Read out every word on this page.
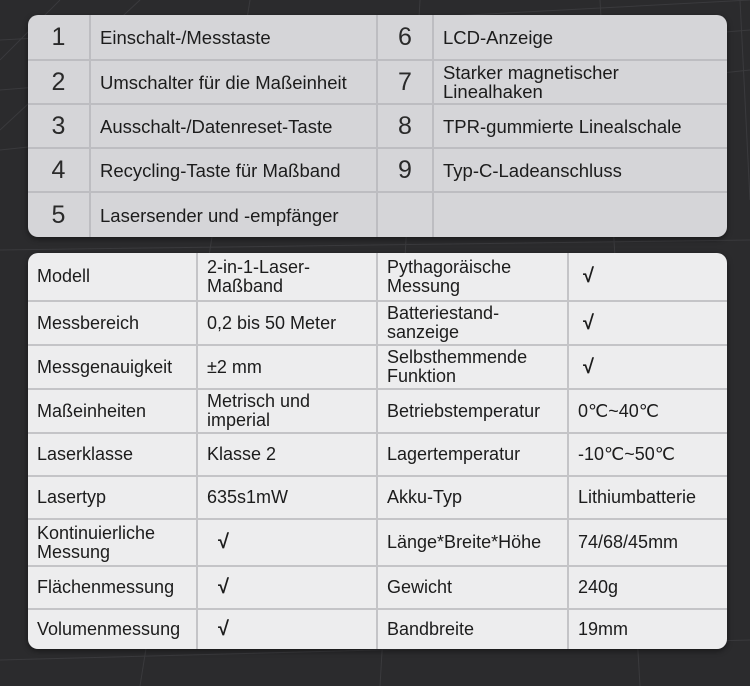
1	Einschalt-/Messtaste	6	LCD-Anzeige
2	Umschalter für die Maßeinheit	7	Starker magnetischer Linealhaken
3	Ausschalt-/Datenreset-Taste	8	TPR-gummierte Linealschale
4	Recycling-Taste für Maßband	9	Typ-C-Ladeanschluss
5	Lasersender und -empfänger		
Modell	2-in-1-Laser-Maßband	Pythagoräische Messung	√
Messbereich	0,2 bis 50 Meter	Batteriestand-sanzeige	√
Messgenauigkeit	±2 mm	Selbsthemmende Funktion	√
Maßeinheiten	Metrisch und imperial	Betriebstemperatur	0℃~40℃
Laserklasse	Klasse 2	Lagertemperatur	-10℃~50℃
Lasertyp	635s1mW	Akku-Typ	Lithiumbatterie
Kontinuierliche Messung	√	Länge*Breite*Höhe	74/68/45mm
Flächenmessung	√	Gewicht	240g
Volumenmessung	√	Bandbreite	19mm
